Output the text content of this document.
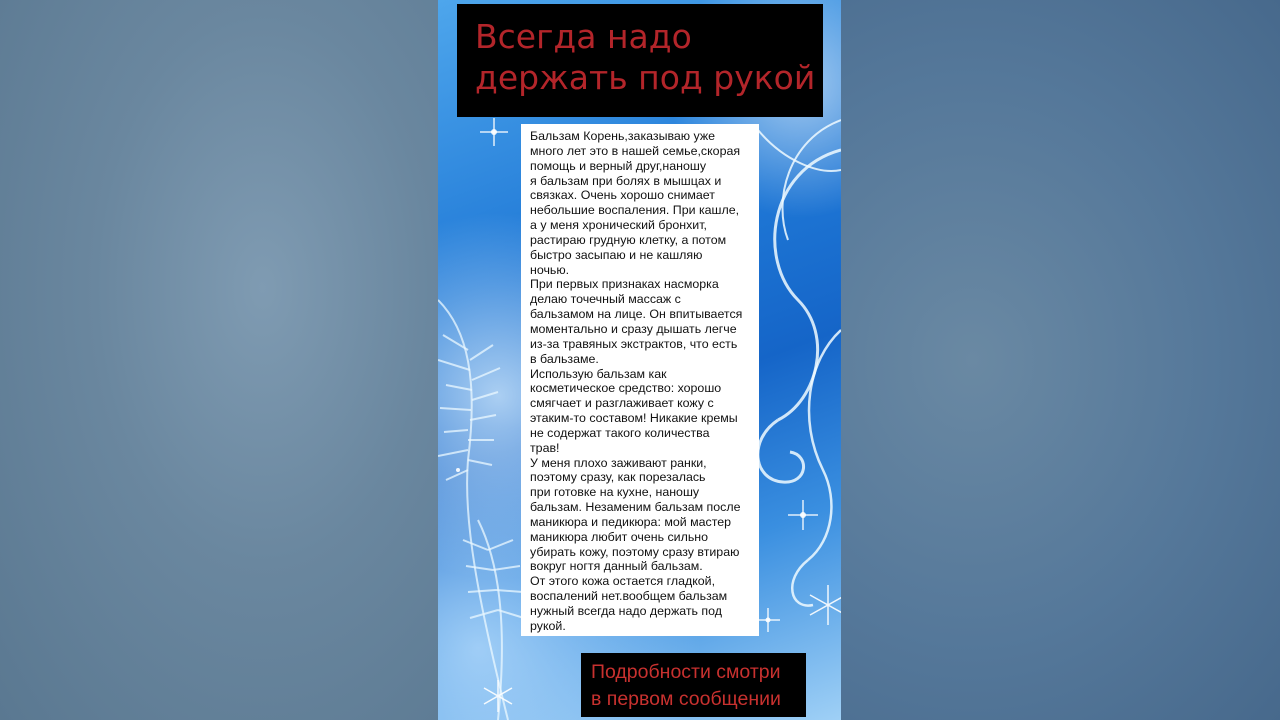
Всегда надо
держать под рукой
Бальзам Корень,заказываю уже
много лет это в нашей семье,скорая
помощь и верный друг,наношу
я бальзам при болях в мышцах и
связках. Очень хорошо снимает
небольшие воспаления. При кашле,
а у меня хронический бронхит,
растираю грудную клетку, а потом
быстро засыпаю и не кашляю
ночью.
При первых признаках насморка
делаю точечный массаж с
бальзамом на лице. Он впитывается
моментально и сразу дышать легче
из-за травяных экстрактов, что есть
в бальзаме.
Использую бальзам как
косметическое средство: хорошо
смягчает и разглаживает кожу с
этаким-то составом! Никакие кремы
не содержат такого количества
трав!
У меня плохо заживают ранки,
поэтому сразу, как порезалась
при готовке на кухне, наношу
бальзам. Незаменим бальзам после
маникюра и педикюра: мой мастер
маникюра любит очень сильно
убирать кожу, поэтому сразу втираю
вокруг ногтя данный бальзам.
От этого кожа остается гладкой,
воспалений нет.вообщем бальзам
нужный всегда надо держать под
рукой.
Подробности смотри
в первом сообщении
